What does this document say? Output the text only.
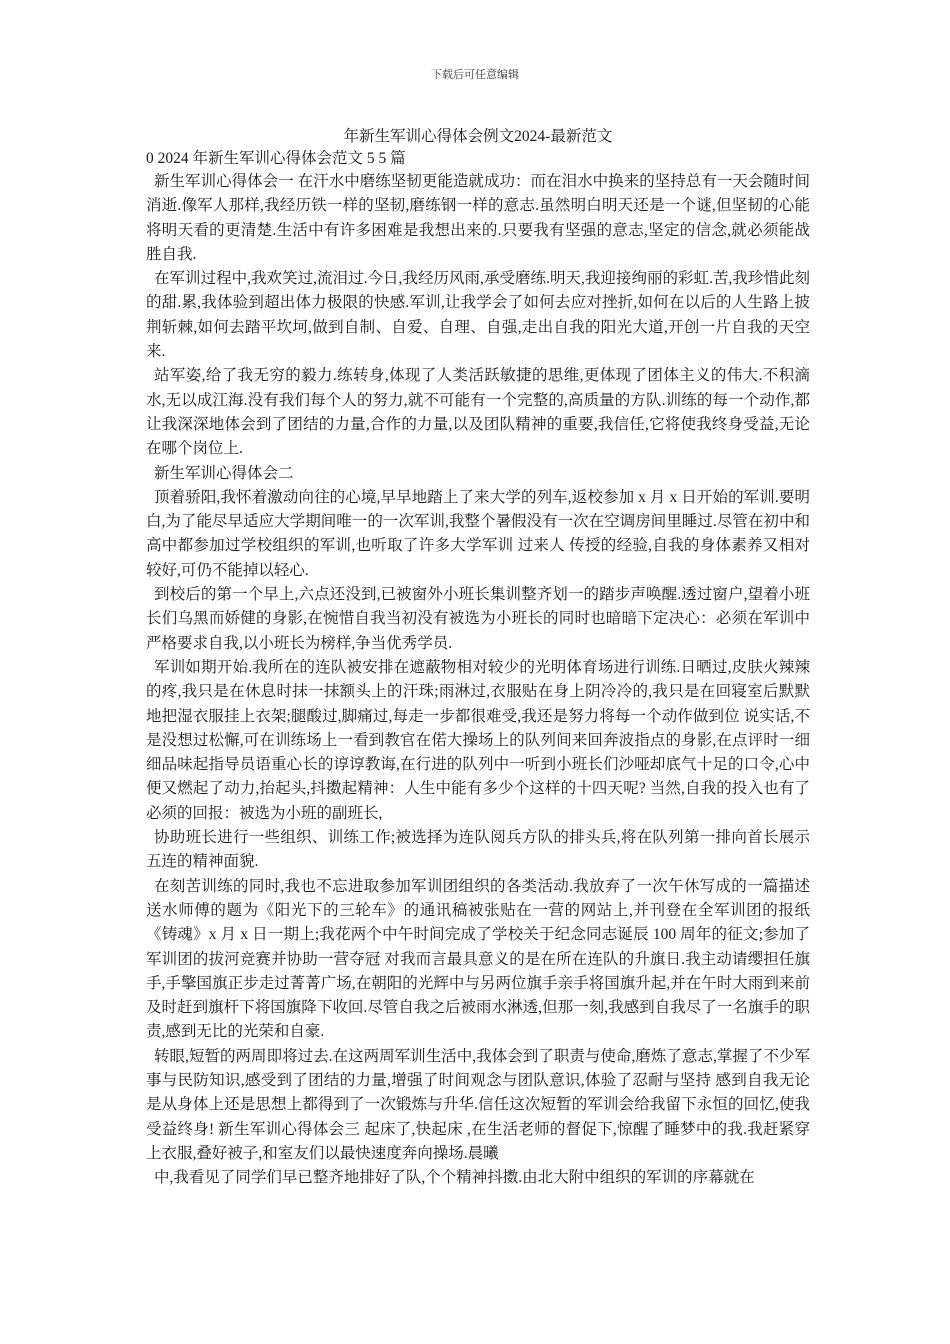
下载后可任意编辑
年新生军训心得体会例文2024-最新范文
0 2024 年新生军训心得体会范文 5 5 篇

新生军训心得体会一 在汗水中磨练坚韧更能造就成功：而在泪水中换来的坚持总有一天会随时间消逝.像军人那样,我经历铁一样的坚韧,磨练钢一样的意志.虽然明白明天还是一个谜,但坚韧的心能将明天看的更清楚.生活中有许多困难是我想出来的.只要我有坚强的意志,坚定的信念,就必须能战胜自我.

在军训过程中,我欢笑过,流泪过.今日,我经历风雨,承受磨练.明天,我迎接绚丽的彩虹.苦,我珍惜此刻的甜.累,我体验到超出体力极限的快感.军训,让我学会了如何去应对挫折,如何在以后的人生路上披荆斩棘,如何去踏平坎坷,做到自制、自爱、自理、自强,走出自我的阳光大道,开创一片自我的天空来.

站军姿,给了我无穷的毅力.练转身,体现了人类活跃敏捷的思维,更体现了团体主义的伟大.不积滴水,无以成江海.没有我们每个人的努力,就不可能有一个完整的,高质量的方队.训练的每一个动作,都让我深深地体会到了团结的力量,合作的力量,以及团队精神的重要,我信任,它将使我终身受益,无论在哪个岗位上.

新生军训心得体会二

顶着骄阳,我怀着激动向往的心境,早早地踏上了来大学的列车,返校参加 x 月 x 日开始的军训.要明白,为了能尽早适应大学期间唯一的一次军训,我整个暑假没有一次在空调房间里睡过.尽管在初中和高中都参加过学校组织的军训,也听取了许多大学军训 过来人 传授的经验,自我的身体素养又相对较好,可仍不能掉以轻心.

到校后的第一个早上,六点还没到,已被窗外小班长集训整齐划一的踏步声唤醒.透过窗户,望着小班长们乌黑而娇健的身影,在惋惜自我当初没有被选为小班长的同时也暗暗下定决心：必须在军训中严格要求自我,以小班长为榜样,争当优秀学员.

军训如期开始.我所在的连队被安排在遮蔽物相对较少的光明体育场进行训练.日晒过,皮肤火辣辣的疼,我只是在休息时抹一抹额头上的汗珠;雨淋过,衣服贴在身上阴冷冷的,我只是在回寝室后默默地把湿衣服挂上衣架;腿酸过,脚痛过,每走一步都很难受,我还是努力将每一个动作做到位 说实话,不是没想过松懈,可在训练场上一看到教官在偌大操场上的队列间来回奔波指点的身影,在点评时一细细品味起指导员语重心长的谆谆教诲,在行进的队列中一听到小班长们沙哑却底气十足的口令,心中便又燃起了动力,抬起头,抖擞起精神：人生中能有多少个这样的十四天呢? 当然,自我的投入也有了必须的回报：被选为小班的副班长,

协助班长进行一些组织、训练工作;被选择为连队阅兵方队的排头兵,将在队列第一排向首长展示五连的精神面貌.

在刻苦训练的同时,我也不忘进取参加军训团组织的各类活动.我放弃了一次午休写成的一篇描述送水师傅的题为《阳光下的三轮车》的通讯稿被张贴在一营的网站上,并刊登在全军训团的报纸《铸魂》x 月 x 日一期上;我花两个中午时间完成了学校关于纪念同志诞辰 100 周年的征文;参加了军训团的拔河竞赛并协助一营夺冠 对我而言最具意义的是在所在连队的升旗日.我主动请缨担任旗手,手擎国旗正步走过菁菁广场,在朝阳的光辉中与另两位旗手亲手将国旗升起,并在午时大雨到来前及时赶到旗杆下将国旗降下收回.尽管自我之后被雨水淋透,但那一刻,我感到自我尽了一名旗手的职责,感到无比的光荣和自豪.

转眼,短暂的两周即将过去.在这两周军训生活中,我体会到了职责与使命,磨炼了意志,掌握了不少军事与民防知识,感受到了团结的力量,增强了时间观念与团队意识,体验了忍耐与坚持 感到自我无论是从身体上还是思想上都得到了一次锻炼与升华.信任这次短暂的军训会给我留下永恒的回忆,使我受益终身! 新生军训心得体会三 起床了,快起床 ,在生活老师的督促下,惊醒了睡梦中的我.我赶紧穿上衣服,叠好被子,和室友们以最快速度奔向操场.晨曦

中,我看见了同学们早已整齐地排好了队,个个精神抖擞.由北大附中组织的军训的序幕就在
